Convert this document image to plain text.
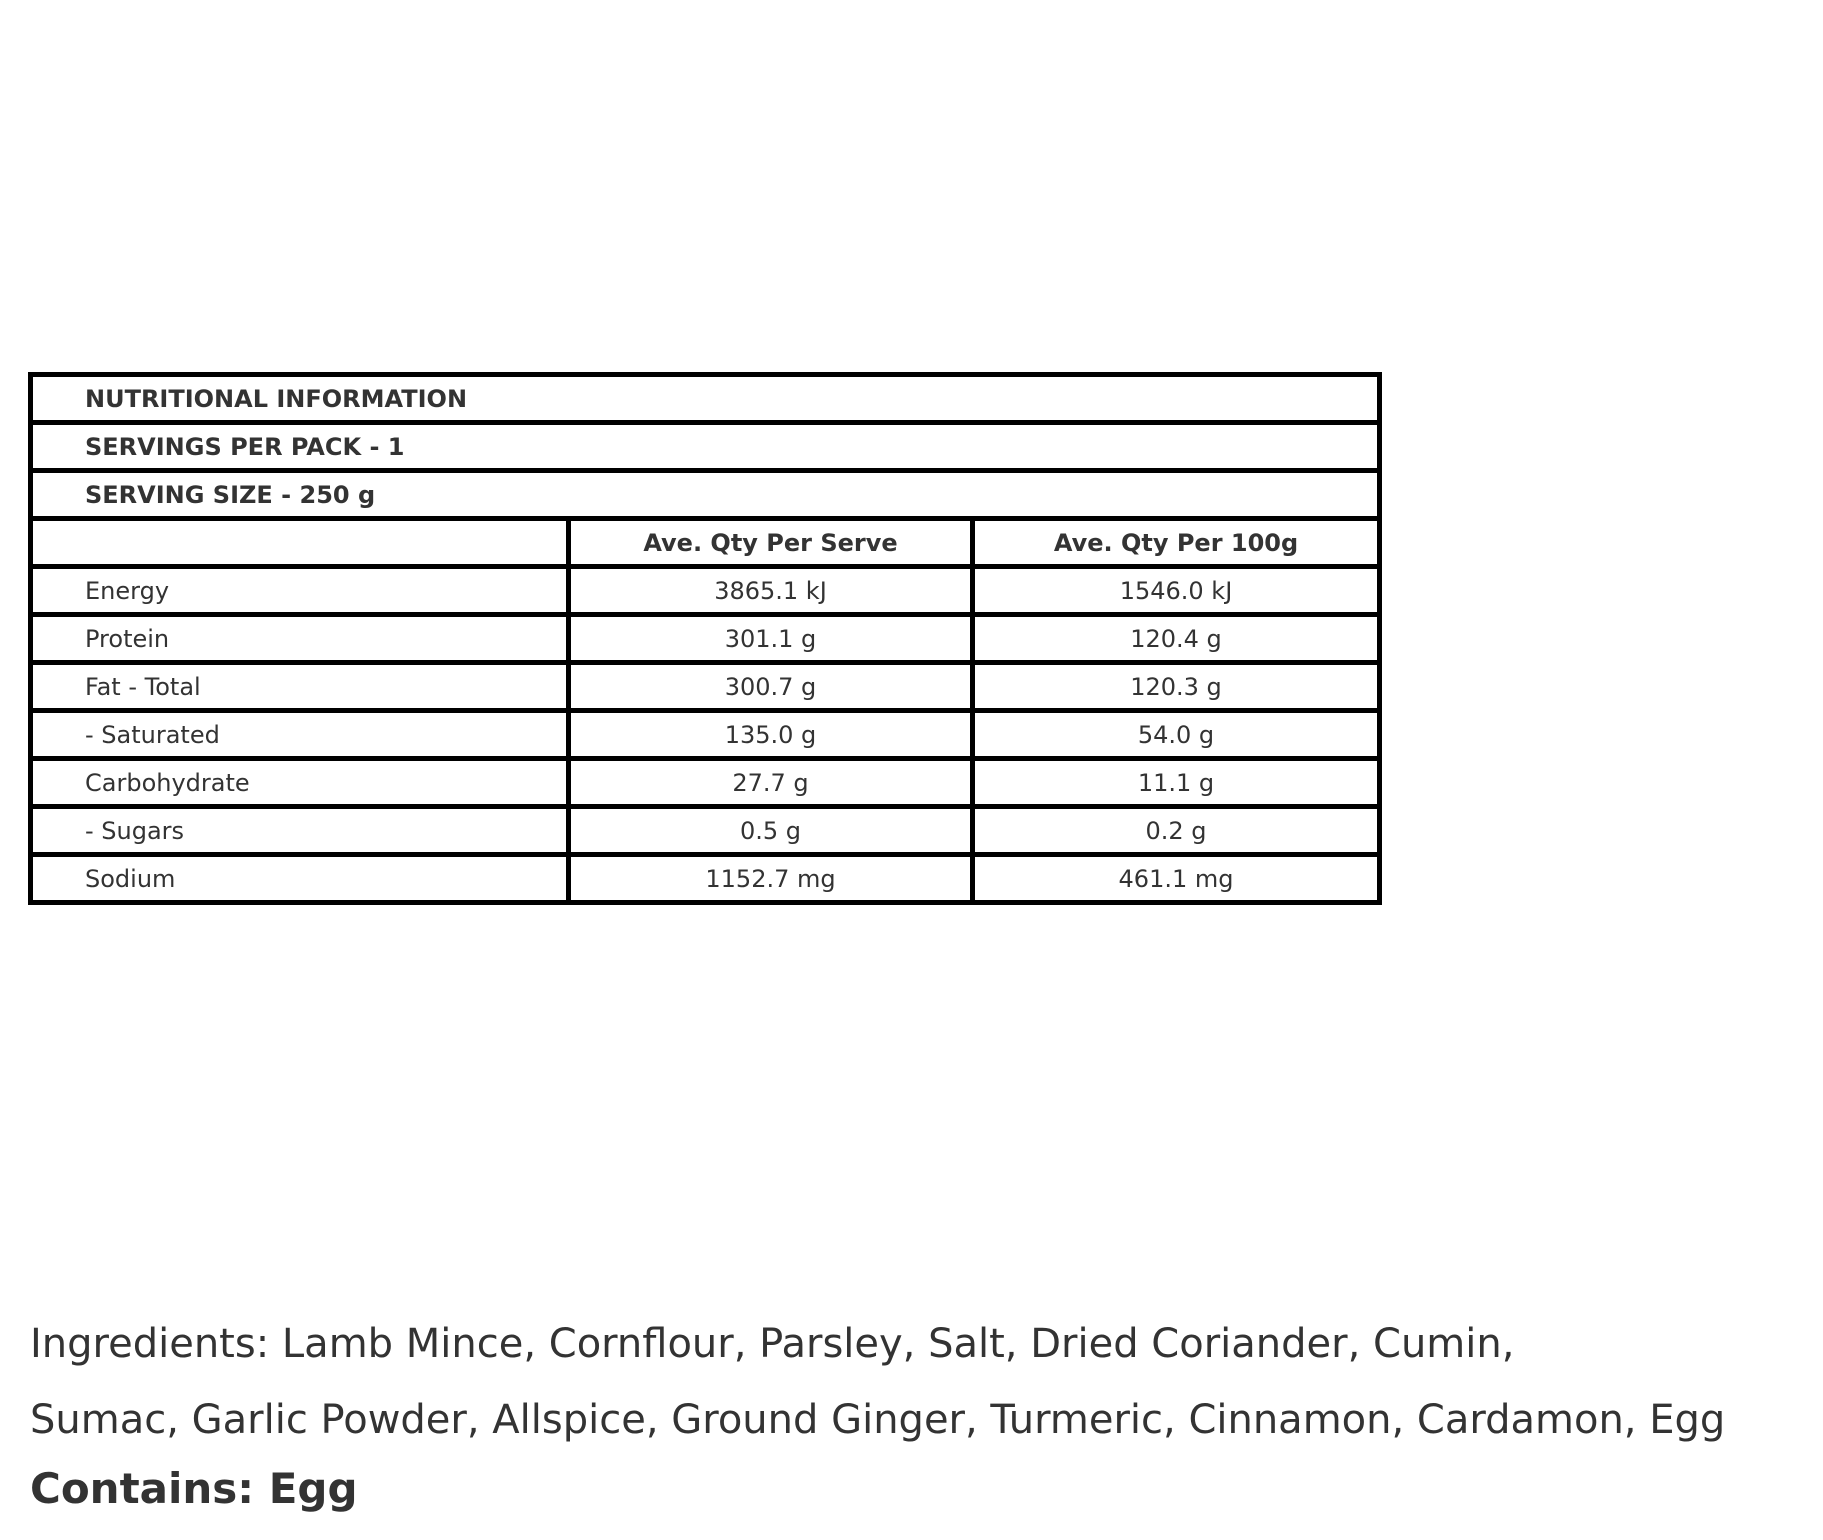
NUTRITIONAL INFORMATION		
SERVINGS PER PACK - 1		
SERVING SIZE - 250 g		
	Ave. Qty Per Serve	Ave. Qty Per 100g
Energy	3865.1 kJ	1546.0 kJ
Protein	301.1 g	120.4 g
Fat - Total	300.7 g	120.3 g
- Saturated	135.0 g	54.0 g
Carbohydrate	27.7 g	11.1 g
- Sugars	0.5 g	0.2 g
Sodium	1152.7 mg	461.1 mg
Ingredients: Lamb Mince, Cornflour, Parsley, Salt, Dried Coriander, Cumin,
Sumac, Garlic Powder, Allspice, Ground Ginger, Turmeric, Cinnamon, Cardamon, Egg
Contains: Egg
